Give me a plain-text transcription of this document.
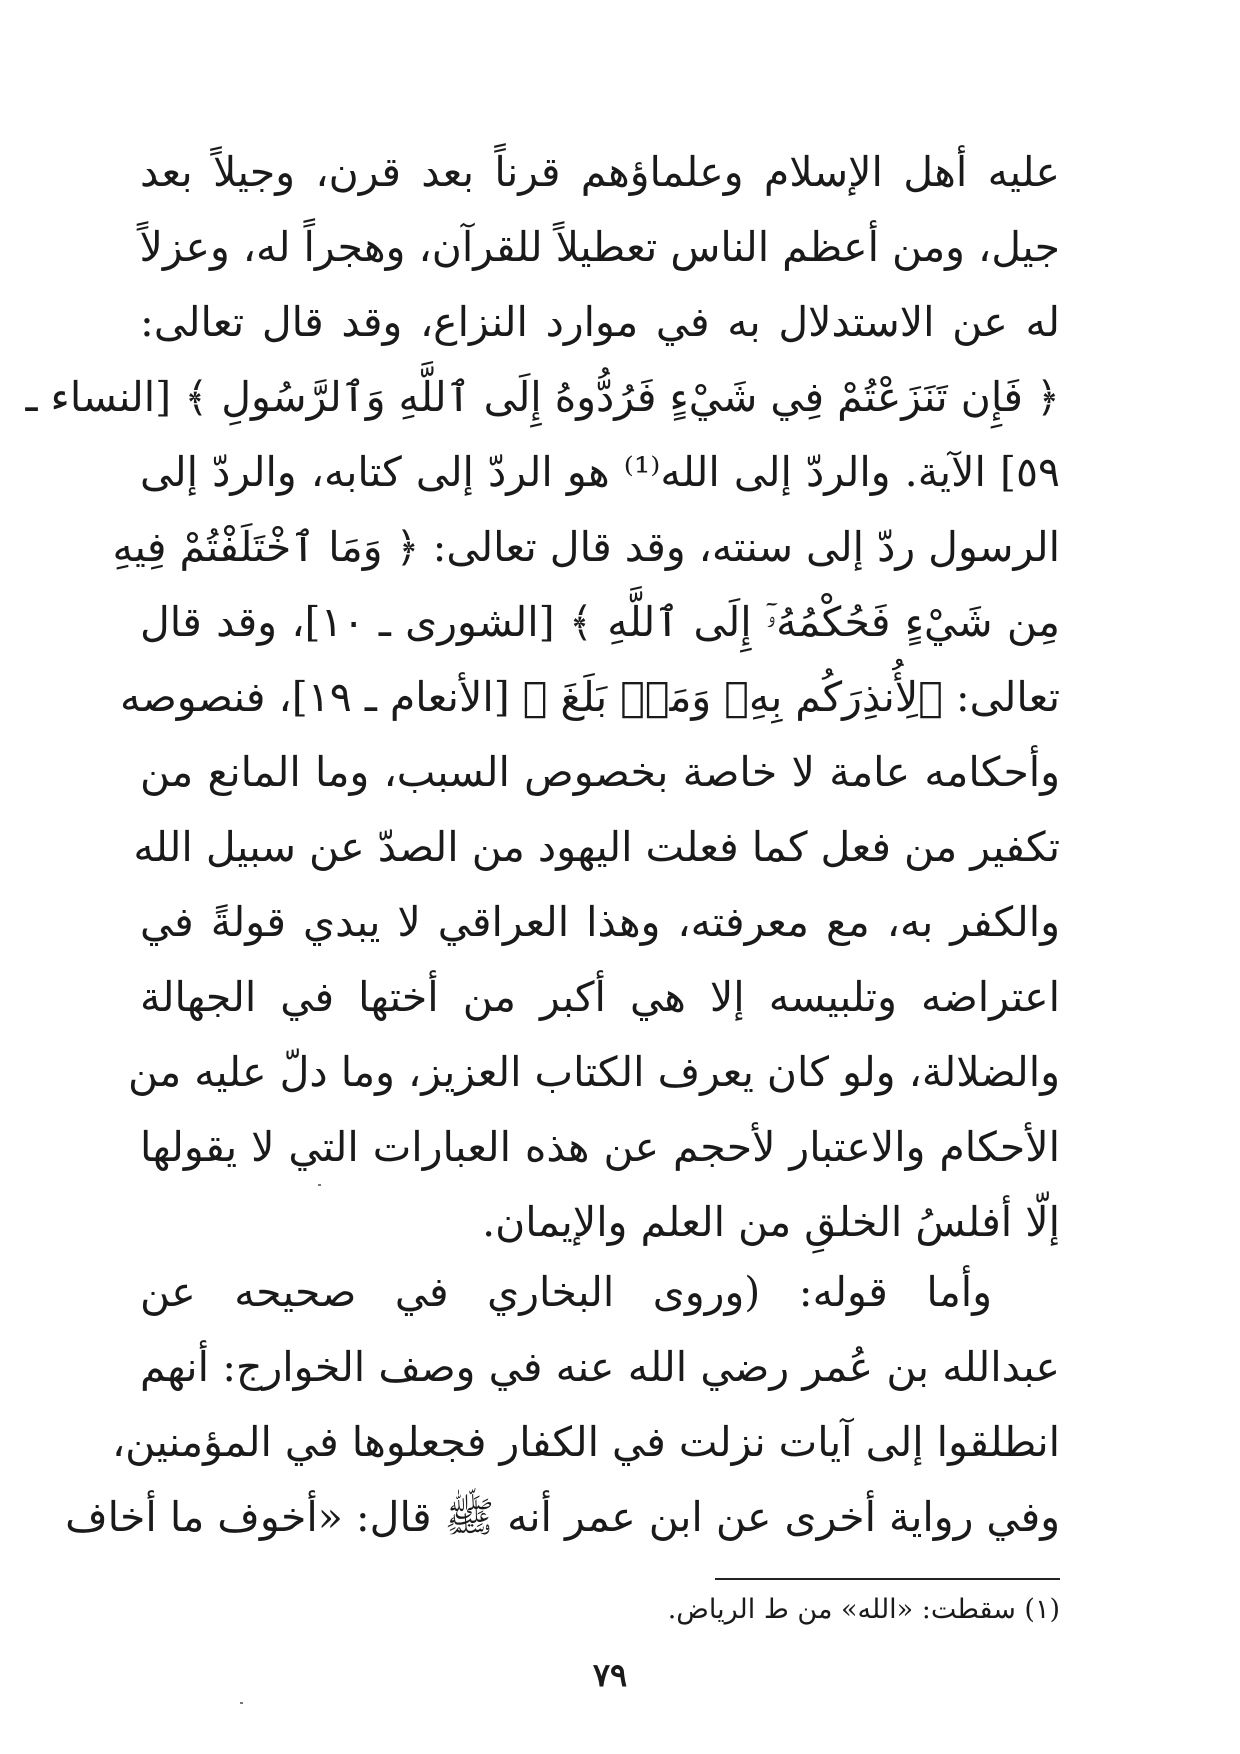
عليه أهل الإسلام وعلماؤهم قرناً بعد قرن، وجيلاً بعد
جيل، ومن أعظم الناس تعطيلاً للقرآن، وهجراً له، وعزلاً
له عن الاستدلال به في موارد النزاع، وقد قال تعالى:
﴿ فَإِن تَنَزَعْتُمْ فِي شَيْءٍ فَرُدُّوهُ إِلَى ٱللَّهِ وَٱلرَّسُولِ ﴾ [النساء ـ
٥٩] الآية. والردّ إلى الله⁽¹⁾ هو الردّ إلى كتابه، والردّ إلى
الرسول ردّ إلى سنته، وقد قال تعالى: ﴿ وَمَا ٱخْتَلَفْتُمْ فِيهِ
مِن شَيْءٍ فَحُكْمُهُۥٓ إِلَى ٱللَّهِ ﴾ [الشورى ـ ١٠]، وقد قال
تعالى: ﴿لِأُنذِرَكُم بِهِۦ وَمَنۢ بَلَغَ ﴾ [الأنعام ـ ١٩]، فنصوصه
وأحكامه عامة لا خاصة بخصوص السبب، وما المانع من
تكفير من فعل كما فعلت اليهود من الصدّ عن سبيل الله
والكفر به، مع معرفته، وهذا العراقي لا يبدي قولةً في
اعتراضه وتلبيسه إلا هي أكبر من أختها في الجهالة
والضلالة، ولو كان يعرف الكتاب العزيز، وما دلّ عليه من
الأحكام والاعتبار لأحجم عن هذه العبارات التي لا يقولها
إلّا أفلسُ الخلقِ من العلم والإيمان.
وأما قوله: (وروى البخاري في صحيحه عن
عبدالله بن عُمر رضي الله عنه في وصف الخوارج: أنهم
انطلقوا إلى آيات نزلت في الكفار فجعلوها في المؤمنين،
وفي رواية أخرى عن ابن عمر أنه ﷺ قال: «أخوف ما أخاف
(١) سقطت: «الله» من ط الرياض.
٧٩
